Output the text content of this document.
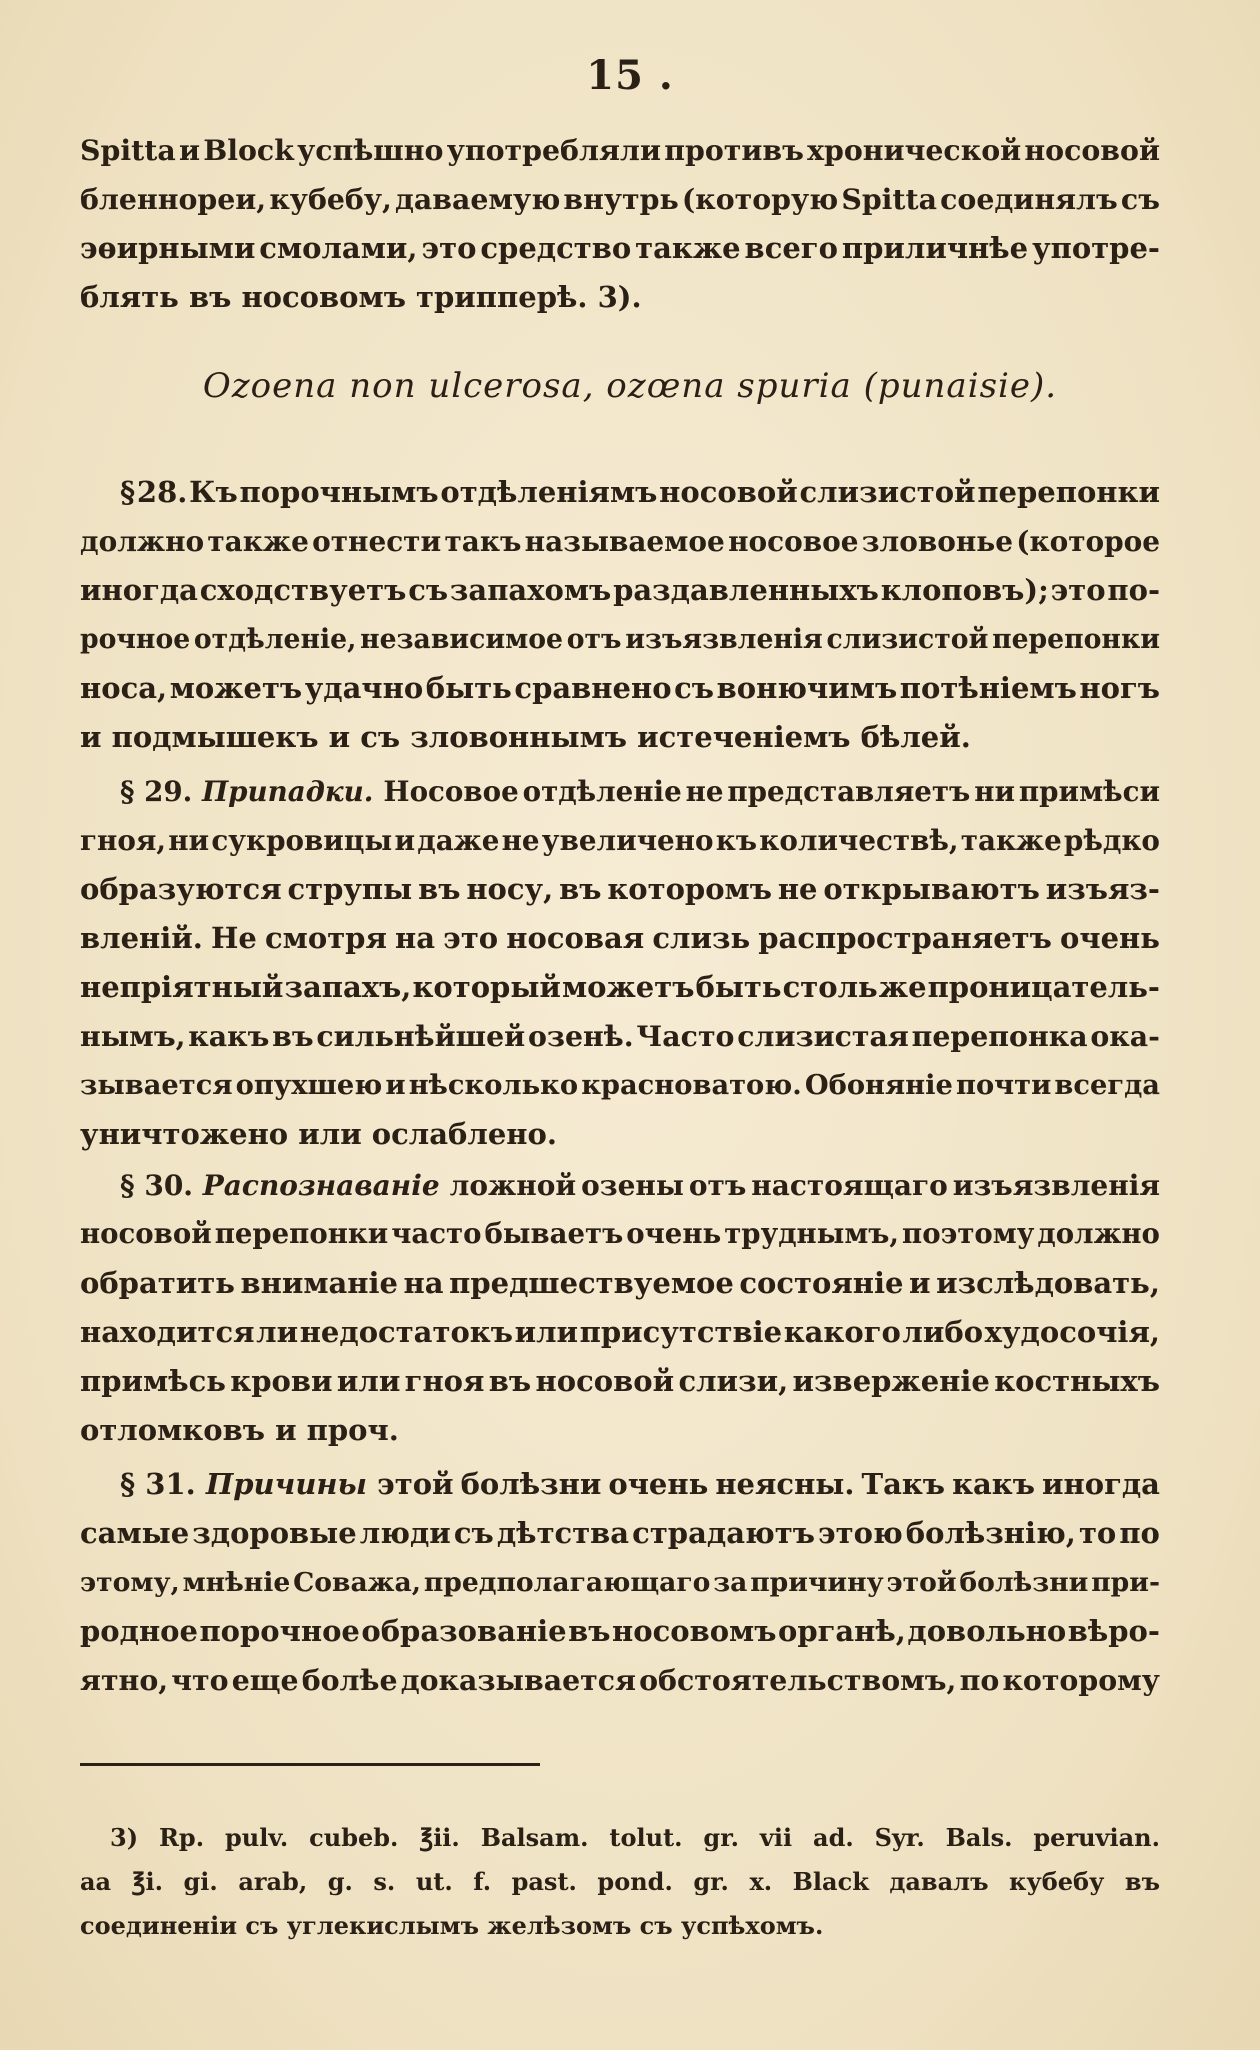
15 .
Spitta и Block успѣшно употребляли противъ хронической носовой
бленнореи, кубебу, даваемую внутрь (которую Spitta соединялъ съ
эѳирными смолами, это средство также всего приличнѣе употре-
блять въ носовомъ трипперѣ. 3).
Ozoena non ulcerosa, ozœna spuria (punaisie).
§ 28. Къ порочнымъ отдѣленіямъ носовой слизистой перепонки
должно также отнести такъ называемое носовое зловоньe (которое
иногда сходствуетъ съ запахомъ раздавленныхъ клоповъ); это по-
рочное отдѣленіе, независимое отъ изъязвленія слизистой перепонки
носа, можетъ удачно быть сравнено съ вонючимъ потѣніемъ ногъ
и подмышекъ и съ зловоннымъ истеченіемъ бѣлей.
§ 29.
Припадки. Носовое отдѣленіе не представляетъ ни примѣси
гноя, ни сукровицы и даже не увеличено къ количествѣ, также рѣдко
образуются струпы въ носу, въ которомъ не открываютъ изъяз-
вленій. Не смотря на это носовая слизь распространяетъ очень
непріятный запахъ, который можетъ быть столь же проницатель-
нымъ, какъ въ сильнѣйшей озенѣ. Часто слизистая перепонка ока-
зывается опухшею и нѣсколько красноватою. Обоняніе почти всегда
уничтожено или ослаблено.
§ 30.
Распознаваніе ложной озены отъ настоящаго изъязвленія
носовой перепонки часто бываетъ очень труднымъ, поэтому должно
обратить вниманіе на предшествуемое состояніе и изслѣдовать,
находится ли недостатокъ или присутствіе какого либо худосочія,
примѣсь крови или гноя въ носовой слизи, изверженіе костныхъ
отломковъ и проч.
§ 31.
Причины этой болѣзни очень неясны. Такъ какъ иногда
самые здоровые люди съ дѣтства страдаютъ этою болѣзнію, то по
этому, мнѣніе Соважа, предполагающаго за причину этой болѣзни при-
родное порочное образованіе въ носовомъ органѣ, довольно вѣро-
ятно, что еще болѣе доказывается обстоятельствомъ, по которому
3) Rp. pulv. cubeb. ℥ii. Balsam. tolut. gr. vii ad. Syr. Bals. peruvian.
aa ℥i. gi. arab, g. s. ut. f. past. pond. gr. x. Black давалъ кубебу въ
соединеніи съ углекислымъ желѣзомъ съ успѣхомъ.
